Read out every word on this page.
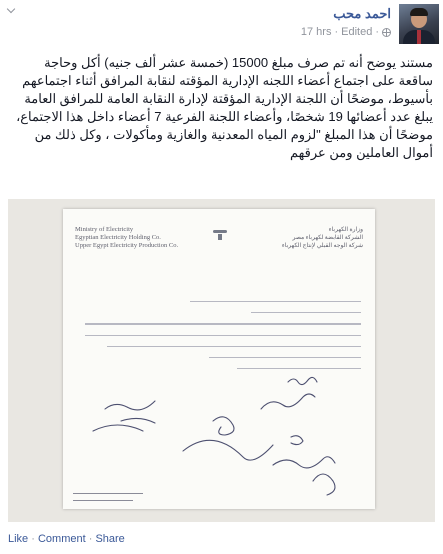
احمد محب
17 hrs · Edited ·

مستند يوضح أنه تم صرف مبلغ 15000 (خمسة عشر ألف جنيه) أكل وحاجة ساقعة على اجتماع أعضاء اللجنه الإدارية المؤقته لنقابة المرافق أثناء اجتماعهم بأسيوط، موضحًا أن اللجنة الإدارية المؤقتة لإدارة النقابة العامة للمرافق العامة يبلغ عدد أعضائها 19 شخصًا، وأعضاء اللجنة الفرعية 7 أعضاء داخل هذا الاجتماع، موضحًا أن هذا المبلغ "لزوم المياه المعدنية والغازية ومأكولات ، وكل ذلك من أموال العاملين ومن عرقهم

Ministry of Electricity
Egyptian Electricity Holding Co.
Upper Egypt Electricity Production Co.
وزارة الكهرباء
الشركة القابضة لكهرباء مصر
شركة الوجه القبلي لإنتاج الكهرباء
Like · Comment · Share
